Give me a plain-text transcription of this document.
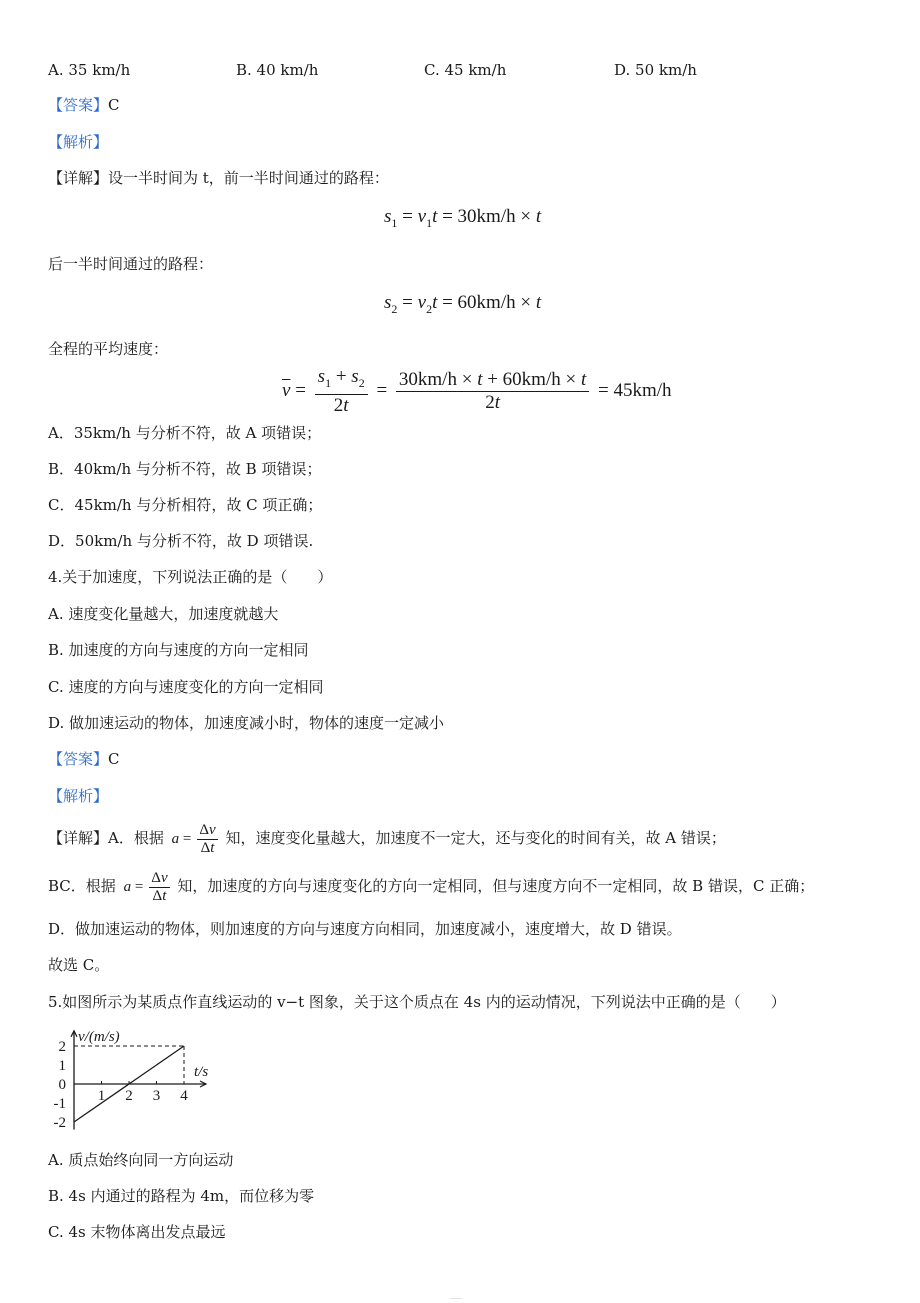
A. 35 km/h	B. 40 km/h	C. 45 km/h	D. 50 km/h
【答案】C
【解析】
【详解】设一半时间为 t，前一半时间通过的路程：
$s_1 = v_1t = 30km/h \times t$
后一半时间通过的路程：
$s_2 = v_2t = 60km/h \times t$
全程的平均速度：
$\overline{v} = \frac{s_1 + s_2}{2t} = \frac{30km/h \times t + 60km/h \times t}{2t} = 45km/h$
A．35km/h 与分析不符，故 A 项错误；
B．40km/h 与分析不符，故 B 项错误；
C．45km/h 与分析相符，故 C 项正确；
D．50km/h 与分析不符，故 D 项错误.
4.关于加速度，下列说法正确的是（　　）
A. 速度变化量越大，加速度就越大
B. 加速度的方向与速度的方向一定相同
C. 速度的方向与速度变化的方向一定相同
D. 做加速运动的物体，加速度减小时，物体的速度一定减小
【答案】C
【解析】
【详解】A．根据 $a = \frac{\Delta v}{\Delta t}$ 知，速度变化量越大，加速度不一定大，还与变化的时间有关，故 A 错误；
BC．根据 $a = \frac{\Delta v}{\Delta t}$ 知，加速度的方向与速度变化的方向一定相同，但与速度方向不一定相同，故 B 错误，C 正确；
D．做加速运动的物体，则加速度的方向与速度方向相同，加速度减小，速度增大，故 D 错误。
故选 C。
5.如图所示为某质点作直线运动的 v−t 图象，关于这个质点在 4s 内的运动情况，下列说法中正确的是（　　）
1 2 3 4
2
1
0
-1
-2
v/(m/s)
t/s
A. 质点始终向同一方向运动
B. 4s 内通过的路程为 4m，而位移为零
C. 4s 末物体离出发点最远
……
